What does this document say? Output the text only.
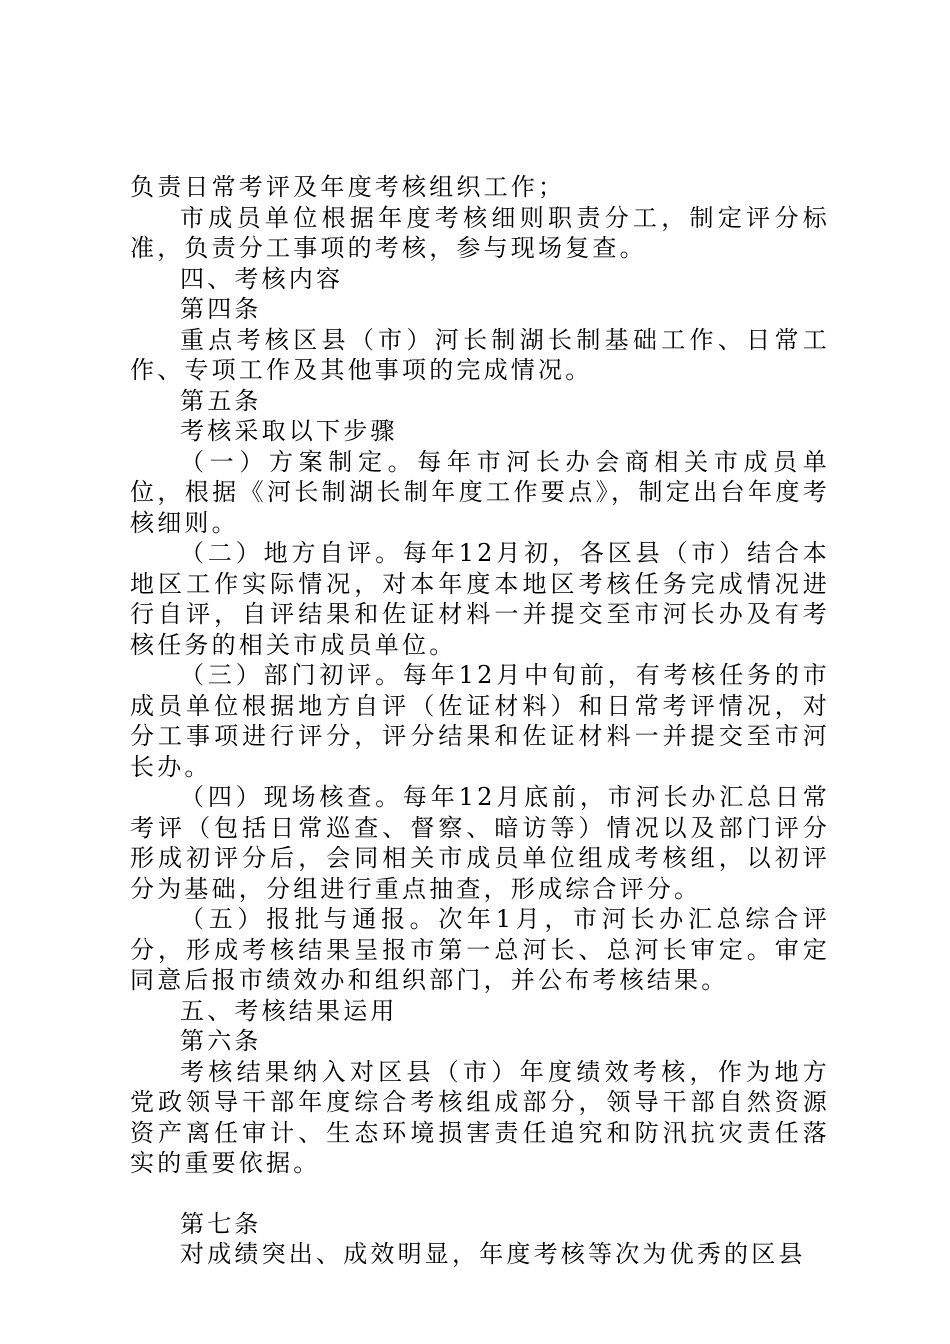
负责日常考评及年度考核组织工作；

市成员单位根据年度考核细则职责分工，制定评分标准，负责分工事项的考核，参与现场复查。

四、考核内容

第四条

重点考核区县（市）河长制湖长制基础工作、日常工作、专项工作及其他事项的完成情况。

第五条

考核采取以下步骤

（一）方案制定。每年市河长办会商相关市成员单位，根据《河长制湖长制年度工作要点》，制定出台年度考核细则。

（二）地方自评。每年12月初，各区县（市）结合本地区工作实际情况，对本年度本地区考核任务完成情况进行自评，自评结果和佐证材料一并提交至市河长办及有考核任务的相关市成员单位。

（三）部门初评。每年12月中旬前，有考核任务的市成员单位根据地方自评（佐证材料）和日常考评情况，对分工事项进行评分，评分结果和佐证材料一并提交至市河长办。

（四）现场核查。每年12月底前，市河长办汇总日常考评（包括日常巡查、督察、暗访等）情况以及部门评分形成初评分后，会同相关市成员单位组成考核组，以初评分为基础，分组进行重点抽查，形成综合评分。

（五）报批与通报。次年1月，市河长办汇总综合评分，形成考核结果呈报市第一总河长、总河长审定。审定同意后报市绩效办和组织部门，并公布考核结果。

五、考核结果运用

第六条

考核结果纳入对区县（市）年度绩效考核，作为地方党政领导干部年度综合考核组成部分，领导干部自然资源资产离任审计、生态环境损害责任追究和防汛抗灾责任落实的重要依据。

第七条

对成绩突出、成效明显，年度考核等次为优秀的区县
